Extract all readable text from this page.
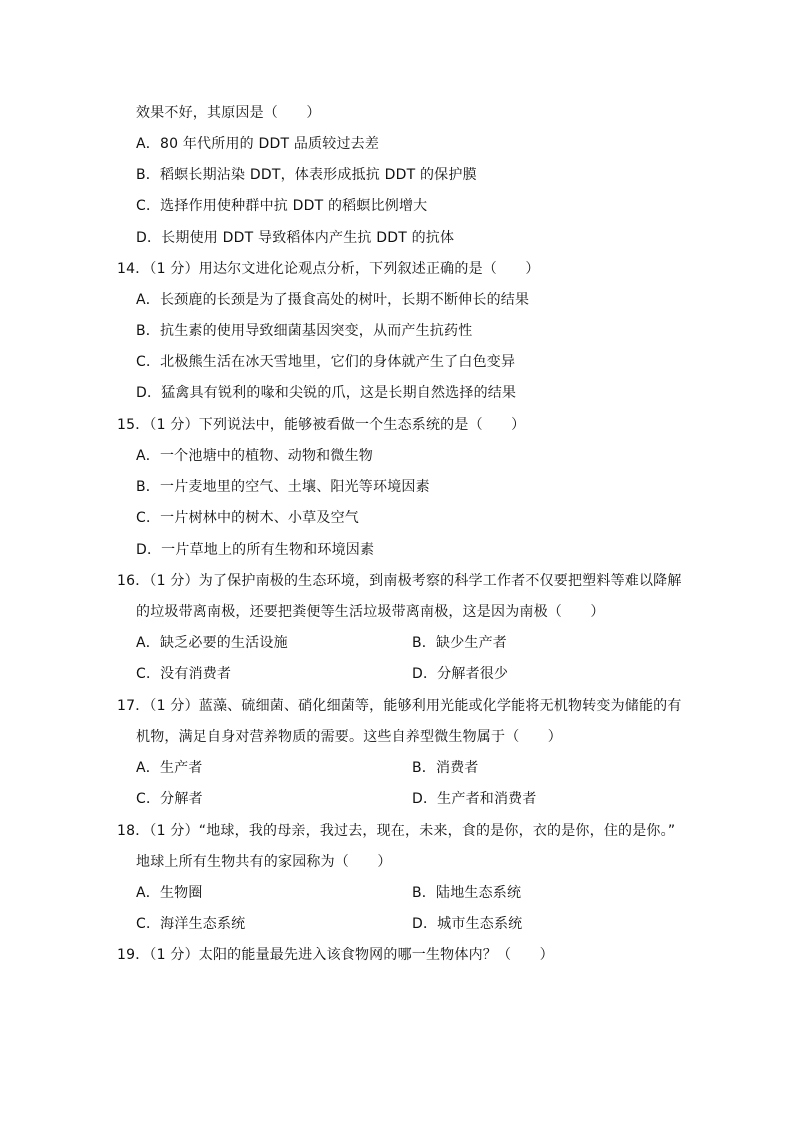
效果不好，其原因是（　　）
A．80 年代所用的 DDT 品质较过去差
B．稻螟长期沾染 DDT，体表形成抵抗 DDT 的保护膜
C．选择作用使种群中抗 DDT 的稻螟比例增大
D．长期使用 DDT 导致稻体内产生抗 DDT 的抗体
14．（1 分）用达尔文进化论观点分析，下列叙述正确的是（　　）
A．长颈鹿的长颈是为了摄食高处的树叶，长期不断伸长的结果
B．抗生素的使用导致细菌基因突变，从而产生抗药性
C．北极熊生活在冰天雪地里，它们的身体就产生了白色变异
D．猛禽具有锐利的喙和尖锐的爪，这是长期自然选择的结果
15．（1 分）下列说法中，能够被看做一个生态系统的是（　　）
A．一个池塘中的植物、动物和微生物
B．一片麦地里的空气、土壤、阳光等环境因素
C．一片树林中的树木、小草及空气
D．一片草地上的所有生物和环境因素
16．（1 分）为了保护南极的生态环境，到南极考察的科学工作者不仅要把塑料等难以降解
的垃圾带离南极，还要把粪便等生活垃圾带离南极，这是因为南极（　　）
A．缺乏必要的生活设施	B．缺少生产者
C．没有消费者	D．分解者很少
17．（1 分）蓝藻、硫细菌、硝化细菌等，能够利用光能或化学能将无机物转变为储能的有
机物，满足自身对营养物质的需要。这些自养型微生物属于（　　）
A．生产者	B．消费者
C．分解者	D．生产者和消费者
18．（1 分）“地球，我的母亲，我过去，现在，未来，食的是你，衣的是你，住的是你。”
地球上所有生物共有的家园称为（　　）
A．生物圈	B．陆地生态系统
C．海洋生态系统	D．城市生态系统
19．（1 分）太阳的能量最先进入该食物网的哪一生物体内？（　　）
